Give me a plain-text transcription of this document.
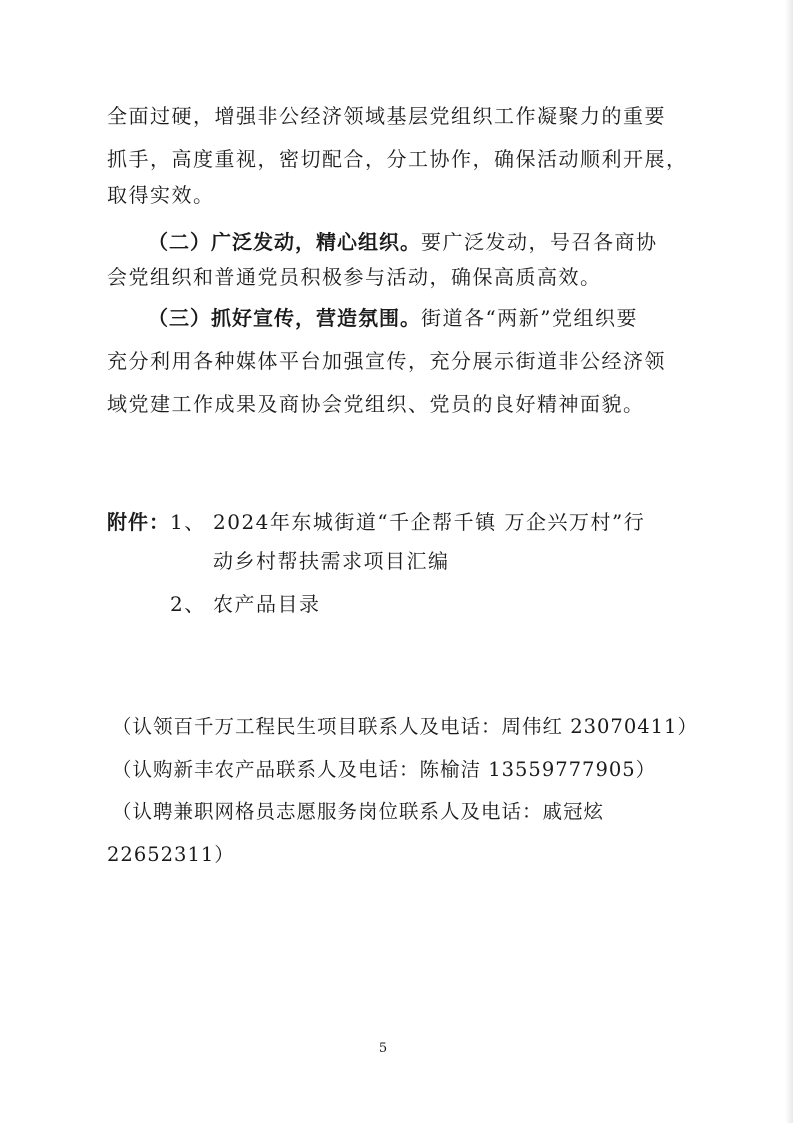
全面过硬，增强非公经济领域基层党组织工作凝聚力的重要
抓手，高度重视，密切配合，分工协作，确保活动顺利开展，
取得实效。
（二）广泛发动，精心组织。要广泛发动，号召各商协
会党组织和普通党员积极参与活动，确保高质高效。
（三）抓好宣传，营造氛围。街道各“两新”党组织要
充分利用各种媒体平台加强宣传，充分展示街道非公经济领
域党建工作成果及商协会党组织、党员的良好精神面貌。
附件： 1、 2024年东城街道“千企帮千镇 万企兴万村”行
动乡村帮扶需求项目汇编
2、 农产品目录
（认领百千万工程民生项目联系人及电话：周伟红 23070411）
（认购新丰农产品联系人及电话：陈榆洁 13559777905）
（认聘兼职网格员志愿服务岗位联系人及电话：戚冠炫
22652311）
5
